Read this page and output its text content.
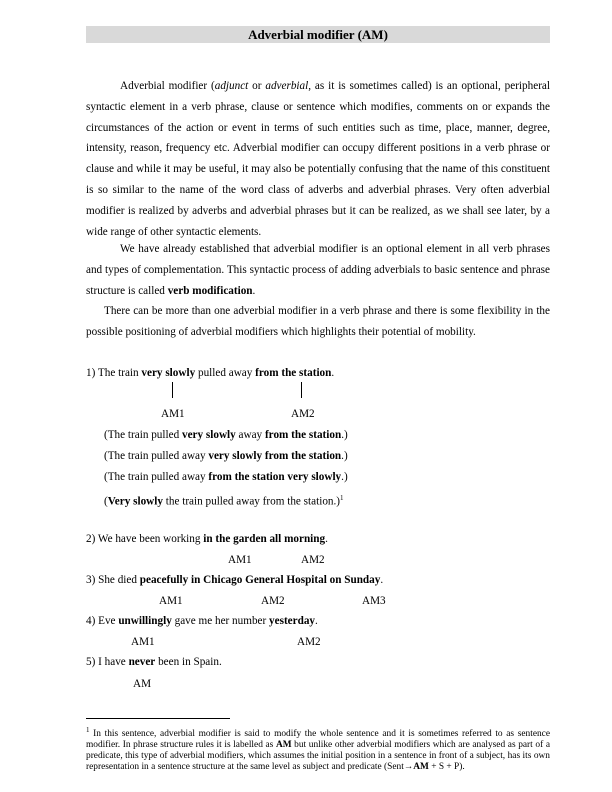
Adverbial modifier (AM)
Adverbial modifier (adjunct or adverbial, as it is sometimes called) is an optional, peripheral syntactic element in a verb phrase, clause or sentence which modifies, comments on or expands the circumstances of the action or event in terms of such entities such as time, place, manner, degree, intensity, reason, frequency etc. Adverbial modifier can occupy different positions in a verb phrase or clause and while it may be useful, it may also be potentially confusing that the name of this constituent is so similar to the name of the word class of adverbs and adverbial phrases. Very often adverbial modifier is realized by adverbs and adverbial phrases but it can be realized, as we shall see later, by a wide range of other syntactic elements.
We have already established that adverbial modifier is an optional element in all verb phrases and types of complementation. This syntactic process of adding adverbials to basic sentence and phrase structure is called verb modification.
There can be more than one adverbial modifier in a verb phrase and there is some flexibility in the possible positioning of adverbial modifiers which highlights their potential of mobility.
1) The train very slowly pulled away from the station.
AM1	AM2
(The train pulled very slowly away from the station.)
(The train pulled away very slowly from the station.)
(The train pulled away from the station very slowly.)
(Very slowly the train pulled away from the station.)$^1$
2) We have been working in the garden all morning.
AM1	AM2
3) She died peacefully in Chicago General Hospital on Sunday.
AM1	AM2	AM3
4) Eve unwillingly gave me her number yesterday.
AM1	AM2
5) I have never been in Spain.
AM
$^1$ In this sentence, adverbial modifier is said to modify the whole sentence and it is sometimes referred to as sentence modifier. In phrase structure rules it is labelled as AM but unlike other adverbial modifiers which are analysed as part of a predicate, this type of adverbial modifiers, which assumes the initial position in a sentence in front of a subject, has its own representation in a sentence structure at the same level as subject and predicate (Sent→AM + S + P).
